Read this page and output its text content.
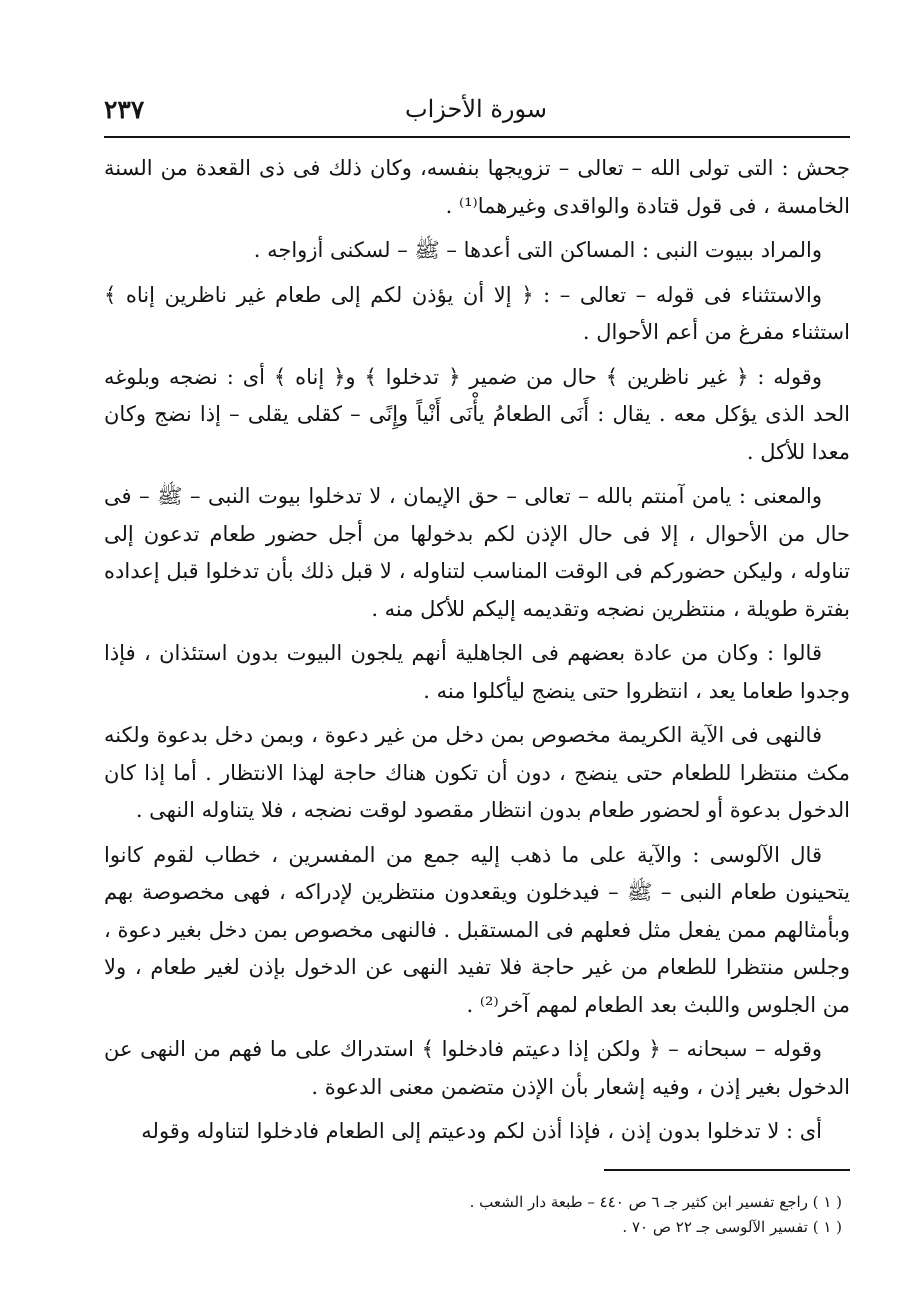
٢٣٧	سورة الأحزاب

جحش : التى تولى الله – تعالى – تزويجها بنفسه، وكان ذلك فى ذى القعدة من السنة الخامسة ، فى قول قتادة والواقدى وغيرهما⁽¹⁾ .

والمراد ببيوت النبى : المساكن التى أعدها – ﷺ – لسكنى أزواجه .

والاستثناء فى قوله – تعالى – : ﴿ إلا أن يؤذن لكم إلى طعام غير ناظرين إناه ﴾ استثناء مفرغ من أعم الأحوال .

وقوله : ﴿ غير ناظرين ﴾ حال من ضمير ﴿ تدخلوا ﴾ و﴿ إناه ﴾ أى : نضجه وبلوغه الحد الذى يؤكل معه . يقال : أَنَى الطعامُ يأْنَى أَنْياً وإِنًى – كقلى يقلى – إذا نضج وكان معدا للأكل .

والمعنى : يامن آمنتم بالله – تعالى – حق الإيمان ، لا تدخلوا بيوت النبى – ﷺ – فى حال من الأحوال ، إلا فى حال الإذن لكم بدخولها من أجل حضور طعام تدعون إلى تناوله ، وليكن حضوركم فى الوقت المناسب لتناوله ، لا قبل ذلك بأن تدخلوا قبل إعداده بفترة طويلة ، منتظرين نضجه وتقديمه إليكم للأكل منه .

قالوا : وكان من عادة بعضهم فى الجاهلية أنهم يلجون البيوت بدون استئذان ، فإذا وجدوا طعاما يعد ، انتظروا حتى ينضج ليأكلوا منه .

فالنهى فى الآية الكريمة مخصوص بمن دخل من غير دعوة ، وبمن دخل بدعوة ولكنه مكث منتظرا للطعام حتى ينضج ، دون أن تكون هناك حاجة لهذا الانتظار . أما إذا كان الدخول بدعوة أو لحضور طعام بدون انتظار مقصود لوقت نضجه ، فلا يتناوله النهى .

قال الآلوسى : والآية على ما ذهب إليه جمع من المفسرين ، خطاب لقوم كانوا يتحينون طعام النبى – ﷺ – فيدخلون ويقعدون منتظرين لإدراكه ، فهى مخصوصة بهم وبأمثالهم ممن يفعل مثل فعلهم فى المستقبل . فالنهى مخصوص بمن دخل بغير دعوة ، وجلس منتظرا للطعام من غير حاجة فلا تفيد النهى عن الدخول بإذن لغير طعام ، ولا من الجلوس واللبث بعد الطعام لمهم آخر⁽²⁾ .

وقوله – سبحانه – ﴿ ولكن إذا دعيتم فادخلوا ﴾ استدراك على ما فهم من النهى عن الدخول بغير إذن ، وفيه إشعار بأن الإذن متضمن معنى الدعوة .

أى : لا تدخلوا بدون إذن ، فإذا أذن لكم ودعيتم إلى الطعام فادخلوا لتناوله وقوله

( ١ ) راجع تفسير ابن كثير جـ ٦ ص ٤٤٠ – طبعة دار الشعب .

( ١ ) تفسير الآلوسى جـ ٢٢ ص ٧٠ .
